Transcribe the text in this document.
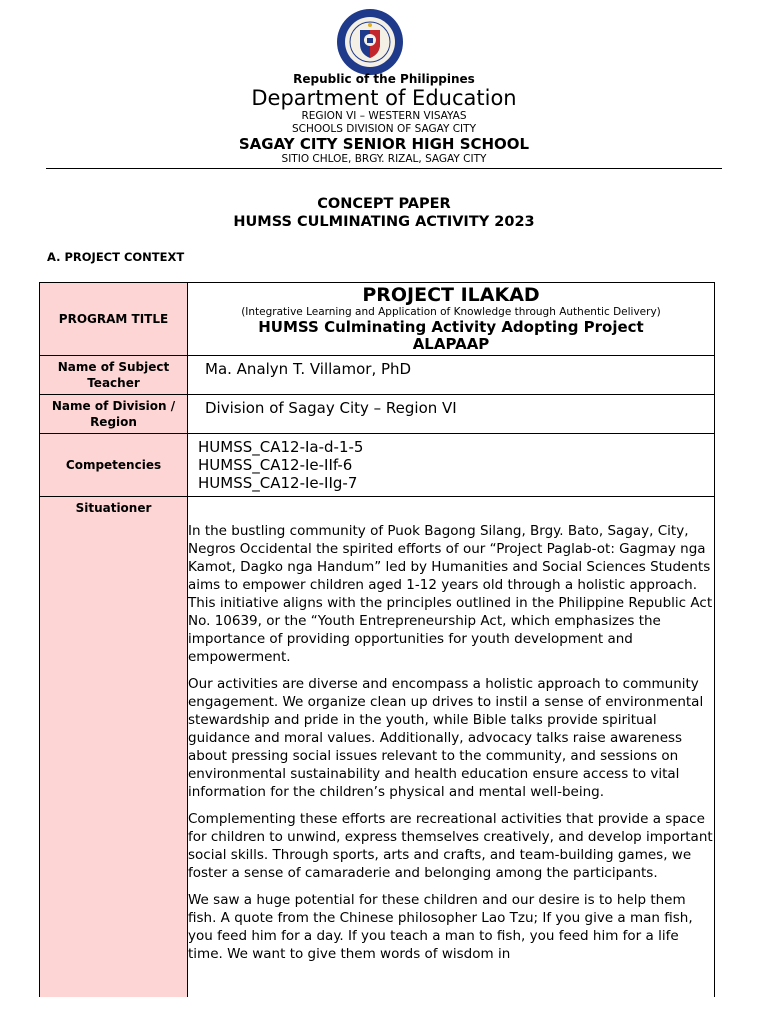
Republic of the Philippines
Department of Education
REGION VI – WESTERN VISAYAS
SCHOOLS DIVISION OF SAGAY CITY
SAGAY CITY SENIOR HIGH SCHOOL
SITIO CHLOE, BRGY. RIZAL, SAGAY CITY
CONCEPT PAPER
HUMSS CULMINATING ACTIVITY 2023
A. PROJECT CONTEXT
PROGRAM TITLE
PROJECT ILAKAD
(Integrative Learning and Application of Knowledge through Authentic Delivery)
HUMSS Culminating Activity Adopting Project ALAPAAP
Name of Subject Teacher
Ma. Analyn T. Villamor, PhD
Name of Division / Region
Division of Sagay City – Region VI
Competencies
HUMSS_CA12-Ia-d-1-5
HUMSS_CA12-Ie-IIf-6
HUMSS_CA12-Ie-IIg-7
Situationer

In the bustling community of Puok Bagong Silang, Brgy. Bato, Sagay, City, Negros Occidental the spirited efforts of our “Project Paglab-ot: Gagmay nga Kamot, Dagko nga Handum” led by Humanities and Social Sciences Students aims to empower children aged 1-12 years old through a holistic approach. This initiative aligns with the principles outlined in the Philippine Republic Act No. 10639, or the “Youth Entrepreneurship Act, which emphasizes the importance of providing opportunities for youth development and empowerment.

Our activities are diverse and encompass a holistic approach to community engagement. We organize clean up drives to instil a sense of environmental stewardship and pride in the youth, while Bible talks provide spiritual guidance and moral values. Additionally, advocacy talks raise awareness about pressing social issues relevant to the community, and sessions on environmental sustainability and health education ensure access to vital information for the children’s physical and mental well-being.

Complementing these efforts are recreational activities that provide a space for children to unwind, express themselves creatively, and develop important social skills. Through sports, arts and crafts, and team-building games, we foster a sense of camaraderie and belonging among the participants.

We saw a huge potential for these children and our desire is to help them fish. A quote from the Chinese philosopher Lao Tzu; If you give a man fish, you feed him for a day. If you teach a man to fish, you feed him for a life time. We want to give them words of wisdom in
